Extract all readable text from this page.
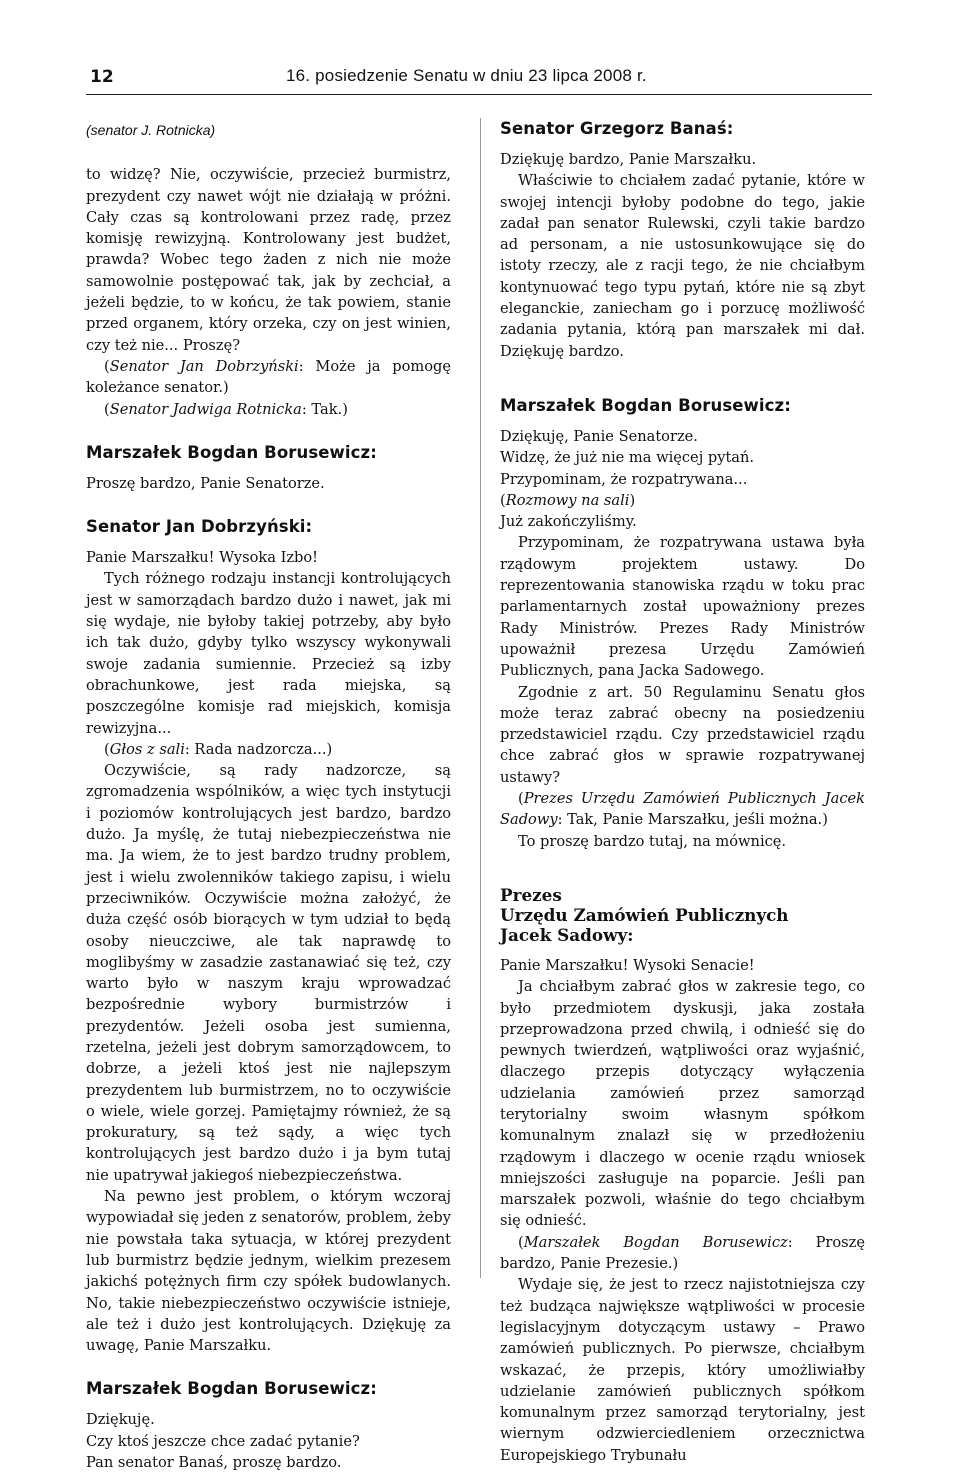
12	16. posiedzenie Senatu w dniu 23 lipca 2008 r.
(senator J. Rotnicka)

to widzę? Nie, oczywiście, przecież burmistrz, prezydent czy nawet wójt nie działają w próżni. Cały czas są kontrolowani przez radę, przez komisję rewizyjną. Kontrolowany jest budżet, prawda? Wobec tego żaden z nich nie może samowolnie postępować tak, jak by zechciał, a jeżeli będzie, to w końcu, że tak powiem, stanie przed organem, który orzeka, czy on jest winien, czy też nie... Proszę?

(Senator Jan Dobrzyński: Może ja pomogę koleżance senator.)

(Senator Jadwiga Rotnicka: Tak.)

Marszałek Bogdan Borusewicz:

Proszę bardzo, Panie Senatorze.

Senator Jan Dobrzyński:

Panie Marszałku! Wysoka Izbo!

Tych różnego rodzaju instancji kontrolujących jest w samorządach bardzo dużo i nawet, jak mi się wydaje, nie byłoby takiej potrzeby, aby było ich tak dużo, gdyby tylko wszyscy wykonywali swoje zadania sumiennie. Przecież są izby obrachunkowe, jest rada miejska, są poszczególne komisje rad miejskich, komisja rewizyjna...

(Głos z sali: Rada nadzorcza...)

Oczywiście, są rady nadzorcze, są zgromadzenia wspólników, a więc tych instytucji i poziomów kontrolujących jest bardzo, bardzo dużo. Ja myślę, że tutaj niebezpieczeństwa nie ma. Ja wiem, że to jest bardzo trudny problem, jest i wielu zwolenników takiego zapisu, i wielu przeciwników. Oczywiście można założyć, że duża część osób biorących w tym udział to będą osoby nieuczciwe, ale tak naprawdę to moglibyśmy w zasadzie zastanawiać się też, czy warto było w naszym kraju wprowadzać bezpośrednie wybory burmistrzów i prezydentów. Jeżeli osoba jest sumienna, rzetelna, jeżeli jest dobrym samorządowcem, to dobrze, a jeżeli ktoś jest nie najlepszym prezydentem lub burmistrzem, no to oczywiście o wiele, wiele gorzej. Pamiętajmy również, że są prokuratury, są też sądy, a więc tych kontrolujących jest bardzo dużo i ja bym tutaj nie upatrywał jakiegoś niebezpieczeństwa.

Na pewno jest problem, o którym wczoraj wypowiadał się jeden z senatorów, problem, żeby nie powstała taka sytuacja, w której prezydent lub burmistrz będzie jednym, wielkim prezesem jakichś potężnych firm czy spółek budowlanych. No, takie niebezpieczeństwo oczywiście istnieje, ale też i dużo jest kontrolujących. Dziękuję za uwagę, Panie Marszałku.

Marszałek Bogdan Borusewicz:

Dziękuję.

Czy ktoś jeszcze chce zadać pytanie?

Pan senator Banaś, proszę bardzo.

Senator Grzegorz Banaś:

Dziękuję bardzo, Panie Marszałku.

Właściwie to chciałem zadać pytanie, które w swojej intencji byłoby podobne do tego, jakie zadał pan senator Rulewski, czyli takie bardzo ad personam, a nie ustosunkowujące się do istoty rzeczy, ale z racji tego, że nie chciałbym kontynuować tego typu pytań, które nie są zbyt eleganckie, zaniecham go i porzucę możliwość zadania pytania, którą pan marszałek mi dał. Dziękuję bardzo.

Marszałek Bogdan Borusewicz:

Dziękuję, Panie Senatorze.

Widzę, że już nie ma więcej pytań.

Przypominam, że rozpatrywana...

(Rozmowy na sali)

Już zakończyliśmy.

Przypominam, że rozpatrywana ustawa była rządowym projektem ustawy. Do reprezentowania stanowiska rządu w toku prac parlamentarnych został upoważniony prezes Rady Ministrów. Prezes Rady Ministrów upoważnił prezesa Urzędu Zamówień Publicznych, pana Jacka Sadowego.

Zgodnie z art. 50 Regulaminu Senatu głos może teraz zabrać obecny na posiedzeniu przedstawiciel rządu. Czy przedstawiciel rządu chce zabrać głos w sprawie rozpatrywanej ustawy?

(Prezes Urzędu Zamówień Publicznych Jacek Sadowy: Tak, Panie Marszałku, jeśli można.)

To proszę bardzo tutaj, na mównicę.

Prezes
Urzędu Zamówień Publicznych
Jacek Sadowy:

Panie Marszałku! Wysoki Senacie!

Ja chciałbym zabrać głos w zakresie tego, co było przedmiotem dyskusji, jaka została przeprowadzona przed chwilą, i odnieść się do pewnych twierdzeń, wątpliwości oraz wyjaśnić, dlaczego przepis dotyczący wyłączenia udzielania zamówień przez samorząd terytorialny swoim własnym spółkom komunalnym znalazł się w przedłożeniu rządowym i dlaczego w ocenie rządu wniosek mniejszości zasługuje na poparcie. Jeśli pan marszałek pozwoli, właśnie do tego chciałbym się odnieść.

(Marszałek Bogdan Borusewicz: Proszę bardzo, Panie Prezesie.)

Wydaje się, że jest to rzecz najistotniejsza czy też budząca największe wątpliwości w procesie legislacyjnym dotyczącym ustawy – Prawo zamówień publicznych. Po pierwsze, chciałbym wskazać, że przepis, który umożliwiałby udzielanie zamówień publicznych spółkom komunalnym przez samorząd terytorialny, jest wiernym odzwierciedleniem orzecznictwa Europejskiego Trybunału
